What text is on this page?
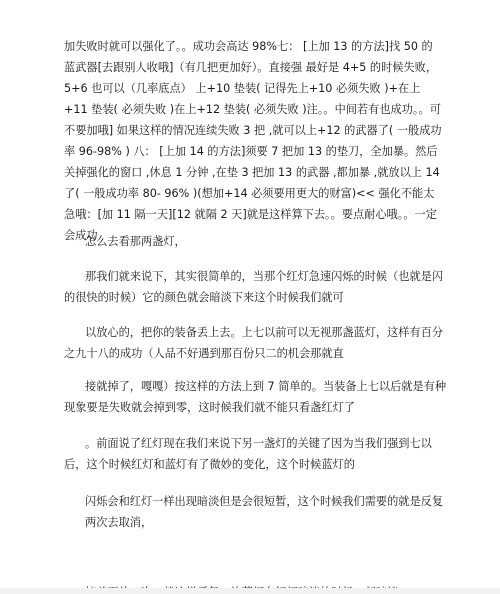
加失败时就可以强化了。。成功会高达 98%七： [上加 13 的方法]找 50 的蓝武器[去跟别人收哦]（有几把更加好）。直接强 最好是 4+5 的时候失败，5+6 也可以（几率底点） 上+10 垫装( 记得先上+10 必须失败 )+在上+11 垫装( 必须失败 )在上+12 垫装( 必须失败 )注。。中间若有也成功。。可不要加哦] 如果这样的情况连续失败 3 把 ,就可以上+12 的武器了( 一般成功率 96-98% ) 八： [上加 14 的方法]须要 7 把加 13 的垫刀，全加暴。然后关掉强化的窗口 ,休息 1 分钟 ,在垫 3 把加 13 的武器 ,都加暴 ,就放以上 14 了( 一般成功率 80- 96% )(想加+14 必须要用更大的财富)<< 强化不能太急哦：[加 11 隔一天][12 就隔 2 天]就是这样算下去。。要点耐心哦。。一定会成功

怎么去看那两盏灯，

那我们就来说下，其实很简单的，当那个红灯急速闪烁的时候（也就是闪的很快的时候）它的颜色就会暗淡下来这个时候我们就可

以放心的，把你的装备丢上去。上七以前可以无视那盏蓝灯，这样有百分之九十八的成功（人品不好遇到那百份只二的机会那就直

接就掉了，嘎嘎）按这样的方法上到 7 简单的。当装备上七以后就是有种现象要是失败就会掉到零，这时候我们就不能只看盏红灯了

。前面说了红灯现在我们来说下另一盏灯的关键了因为当我们强到七以后，这个时候红灯和蓝灯有了微妙的变化，这个时候蓝灯的

闪烁会和红灯一样出现暗淡但是会很短暂，这个时候我们需要的就是反复两次去取消，
